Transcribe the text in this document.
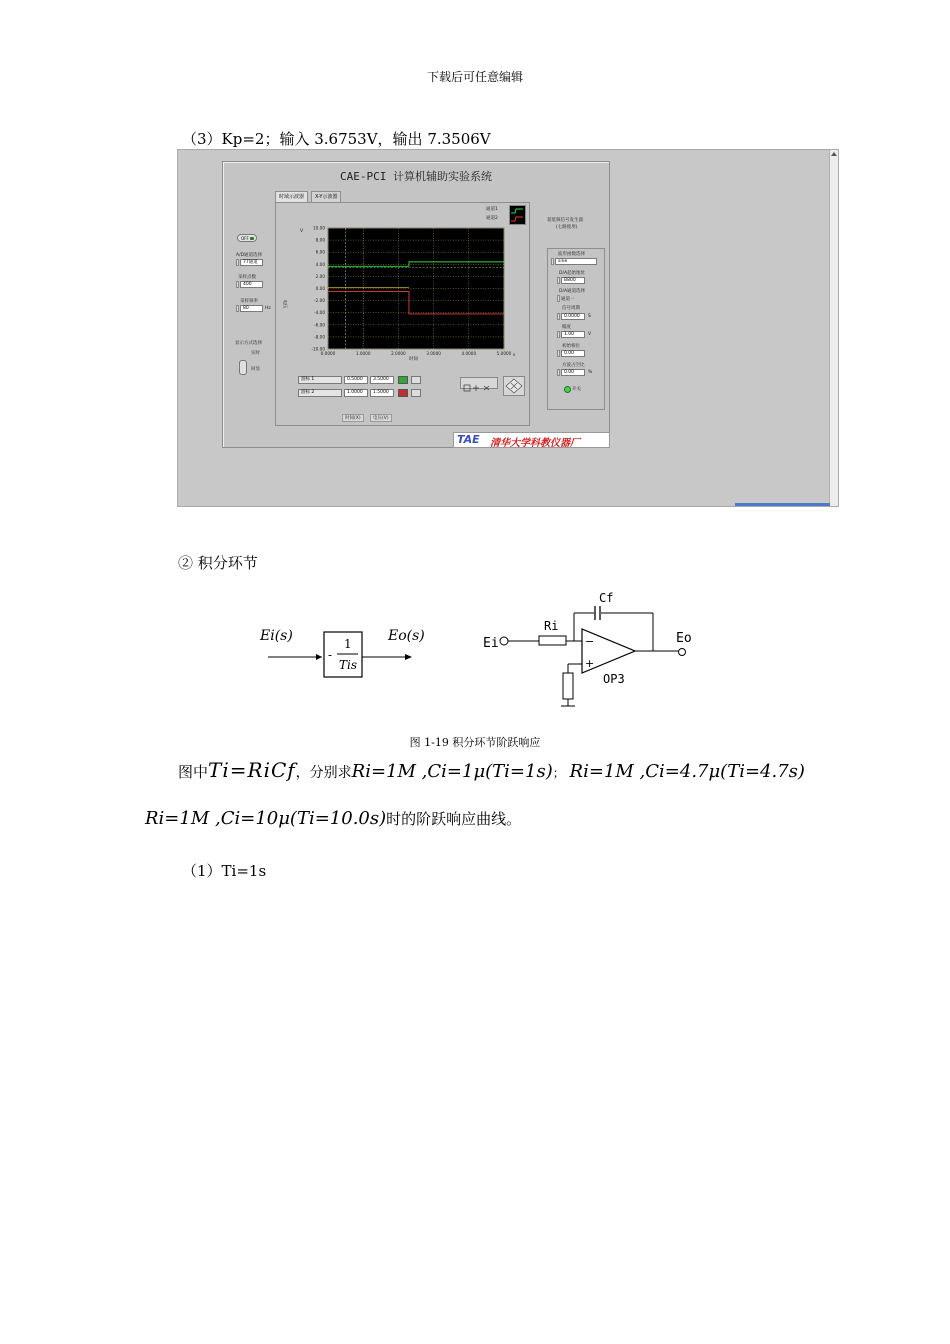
下载后可任意编辑
（3）Kp=2；输入 3.6753V，输出 7.3506V
CAE-PCI 计算机辅助实验系统
时域示波器	X-Y示波器
OFF
A/D通道选择
77通道
采样点数
400
采样频率
80	Hz
显示方式选择
实时
回显
通道1
通道2
V
电压
10.00
8.00
6.00
4.00
2.00
0.00
-2.00
-4.00
-6.00
-8.00
-10.00
0.0000	1.0000	2.0000	3.0000	4.0000	5.0000
时间
s
游标 1	0.5000	3.5000
游标 2	1.0000	1.5000
时间(X)	电压(V)
超低频信号发生器
(七路使用)
波形函数选择
sine
D/A起始地址
B800
D/A通道选择
通道一
信号周期
0.0000	S
幅度
1.00	V
初始相位
0.00
方波占空比
0.00	%
开关
TAE 清华大学科教仪器厂
② 积分环节
Ei(s)
-
1
Tis
Eo(s)	Ei
Ri
Cf
−
+
OP3
Eo
图 1-19 积分环节阶跃响应
图中Ti=RiCf，分别求Ri=1M ,Ci=1μ(Ti=1s)； Ri=1M ,Ci=4.7μ(Ti=4.7s)
Ri=1M ,Ci=10μ(Ti=10.0s)时的阶跃响应曲线。
（1）Ti=1s
